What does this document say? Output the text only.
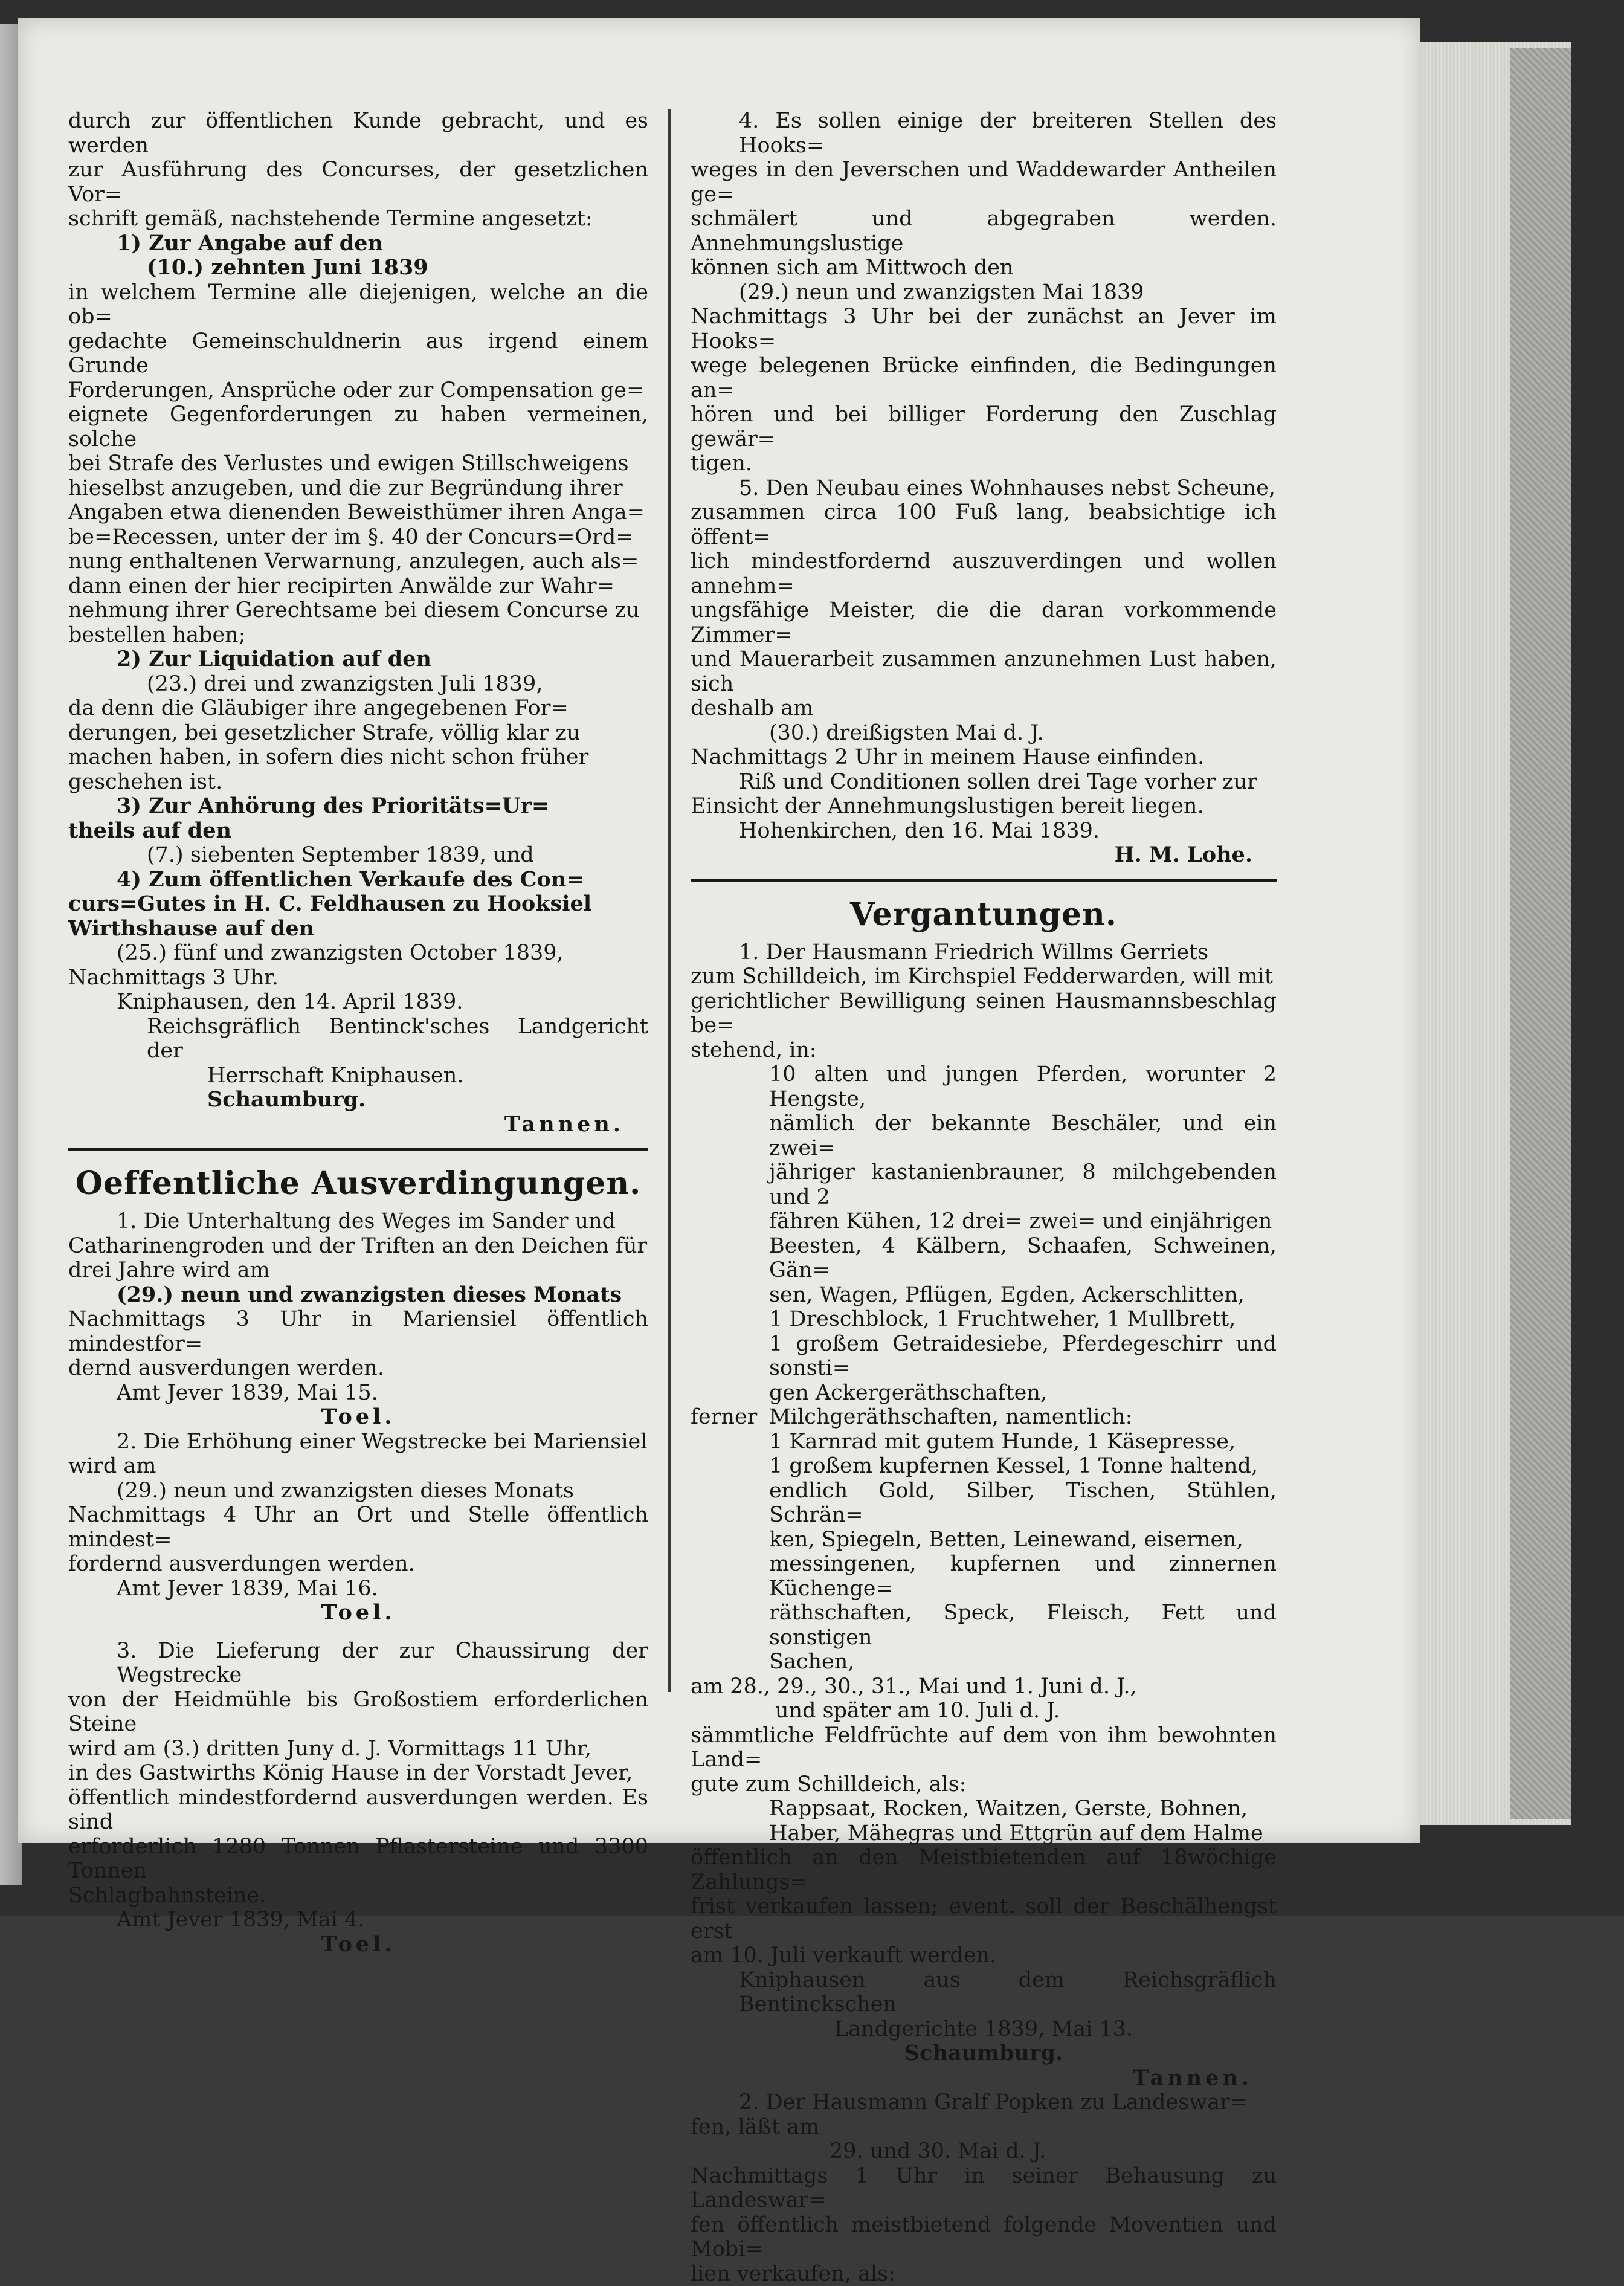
durch zur öffentlichen Kunde gebracht, und es werden

zur Ausführung des Concurses, der gesetzlichen Vor=

schrift gemäß, nachstehende Termine angesetzt:

1) Zur Angabe auf den

(10.) zehnten Juni 1839

in welchem Termine alle diejenigen, welche an die ob=

gedachte Gemeinschuldnerin aus irgend einem Grunde

Forderungen, Ansprüche oder zur Compensation ge=

eignete Gegenforderungen zu haben vermeinen, solche

bei Strafe des Verlustes und ewigen Stillschweigens

hieselbst anzugeben, und die zur Begründung ihrer

Angaben etwa dienenden Beweisthümer ihren Anga=

be=Recessen, unter der im §. 40 der Concurs=Ord=

nung enthaltenen Verwarnung, anzulegen, auch als=

dann einen der hier recipirten Anwälde zur Wahr=

nehmung ihrer Gerechtsame bei diesem Concurse zu

bestellen haben;

2) Zur Liquidation auf den

(23.) drei und zwanzigsten Juli 1839,

da denn die Gläubiger ihre angegebenen For=

derungen, bei gesetzlicher Strafe, völlig klar zu

machen haben, in sofern dies nicht schon früher

geschehen ist.

3) Zur Anhörung des Prioritäts=Ur=

theils auf den

(7.) siebenten September 1839, und

4) Zum öffentlichen Verkaufe des Con=

curs=Gutes in H. C. Feldhausen zu Hooksiel

Wirthshause auf den

(25.) fünf und zwanzigsten October 1839,

Nachmittags 3 Uhr.

Kniphausen, den 14. April 1839.

Reichsgräflich Bentinck'sches Landgericht der

Herrschaft Kniphausen.

Schaumburg.

Tannen.

Oeffentliche Ausverdingungen.

1. Die Unterhaltung des Weges im Sander und

Catharinengroden und der Triften an den Deichen für

drei Jahre wird am

(29.) neun und zwanzigsten dieses Monats

Nachmittags 3 Uhr in Mariensiel öffentlich mindestfor=

dernd ausverdungen werden.

Amt Jever 1839, Mai 15.

Toel.

2. Die Erhöhung einer Wegstrecke bei Mariensiel

wird am

(29.) neun und zwanzigsten dieses Monats

Nachmittags 4 Uhr an Ort und Stelle öffentlich mindest=

fordernd ausverdungen werden.

Amt Jever 1839, Mai 16.

Toel.

3. Die Lieferung der zur Chaussirung der Wegstrecke

von der Heidmühle bis Großostiem erforderlichen Steine

wird am (3.) dritten Juny d. J. Vormittags 11 Uhr,

in des Gastwirths König Hause in der Vorstadt Jever,

öffentlich mindestfordernd ausverdungen werden. Es sind

erforderlich 1280 Tonnen Pflastersteine und 3300 Tonnen

Schlagbahnsteine.

Amt Jever 1839, Mai 4.

Toel.

4. Es sollen einige der breiteren Stellen des Hooks=

weges in den Jeverschen und Waddewarder Antheilen ge=

schmälert und abgegraben werden. Annehmungslustige

können sich am Mittwoch den

(29.) neun und zwanzigsten Mai 1839

Nachmittags 3 Uhr bei der zunächst an Jever im Hooks=

wege belegenen Brücke einfinden, die Bedingungen an=

hören und bei billiger Forderung den Zuschlag gewär=

tigen.

5. Den Neubau eines Wohnhauses nebst Scheune,

zusammen circa 100 Fuß lang, beabsichtige ich öffent=

lich mindestfordernd auszuverdingen und wollen annehm=

ungsfähige Meister, die die daran vorkommende Zimmer=

und Mauerarbeit zusammen anzunehmen Lust haben, sich

deshalb am

(30.) dreißigsten Mai d. J.

Nachmittags 2 Uhr in meinem Hause einfinden.

Riß und Conditionen sollen drei Tage vorher zur

Einsicht der Annehmungslustigen bereit liegen.

Hohenkirchen, den 16. Mai 1839.

H. M. Lohe.

Vergantungen.

1. Der Hausmann Friedrich Willms Gerriets

zum Schilldeich, im Kirchspiel Fedderwarden, will mit

gerichtlicher Bewilligung seinen Hausmannsbeschlag be=

stehend, in:

10 alten und jungen Pferden, worunter 2 Hengste,

nämlich der bekannte Beschäler, und ein zwei=

jähriger kastanienbrauner, 8 milchgebenden und 2

fähren Kühen, 12 drei= zwei= und einjährigen

Beesten, 4 Kälbern, Schaafen, Schweinen, Gän=

sen, Wagen, Pflügen, Egden, Ackerschlitten,

1 Dreschblock, 1 Fruchtweher, 1 Mullbrett,

1 großem Getraidesiebe, Pferdegeschirr und sonsti=

gen Ackergeräthschaften,

ferner Milchgeräthschaften, namentlich:

1 Karnrad mit gutem Hunde, 1 Käsepresse,

1 großem kupfernen Kessel, 1 Tonne haltend,

endlich Gold, Silber, Tischen, Stühlen, Schrän=

ken, Spiegeln, Betten, Leinewand, eisernen,

messingenen, kupfernen und zinnernen Küchenge=

räthschaften, Speck, Fleisch, Fett und sonstigen

Sachen,

am 28., 29., 30., 31., Mai und 1. Juni d. J.,

und später am 10. Juli d. J.

sämmtliche Feldfrüchte auf dem von ihm bewohnten Land=

gute zum Schilldeich, als:

Rappsaat, Rocken, Waitzen, Gerste, Bohnen,

Haber, Mähegras und Ettgrün auf dem Halme

öffentlich an den Meistbietenden auf 18wöchige Zahlungs=

frist verkaufen lassen; event. soll der Beschälhengst erst

am 10. Juli verkauft werden.

Kniphausen aus dem Reichsgräflich Bentinckschen

Landgerichte 1839, Mai 13.

Schaumburg.

Tannen.

2. Der Hausmann Gralf Popken zu Landeswar=

fen, läßt am

29. und 30. Mai d. J.

Nachmittags 1 Uhr in seiner Behausung zu Landeswar=

fen öffentlich meistbietend folgende Moventien und Mobi=

lien verkaufen, als:
